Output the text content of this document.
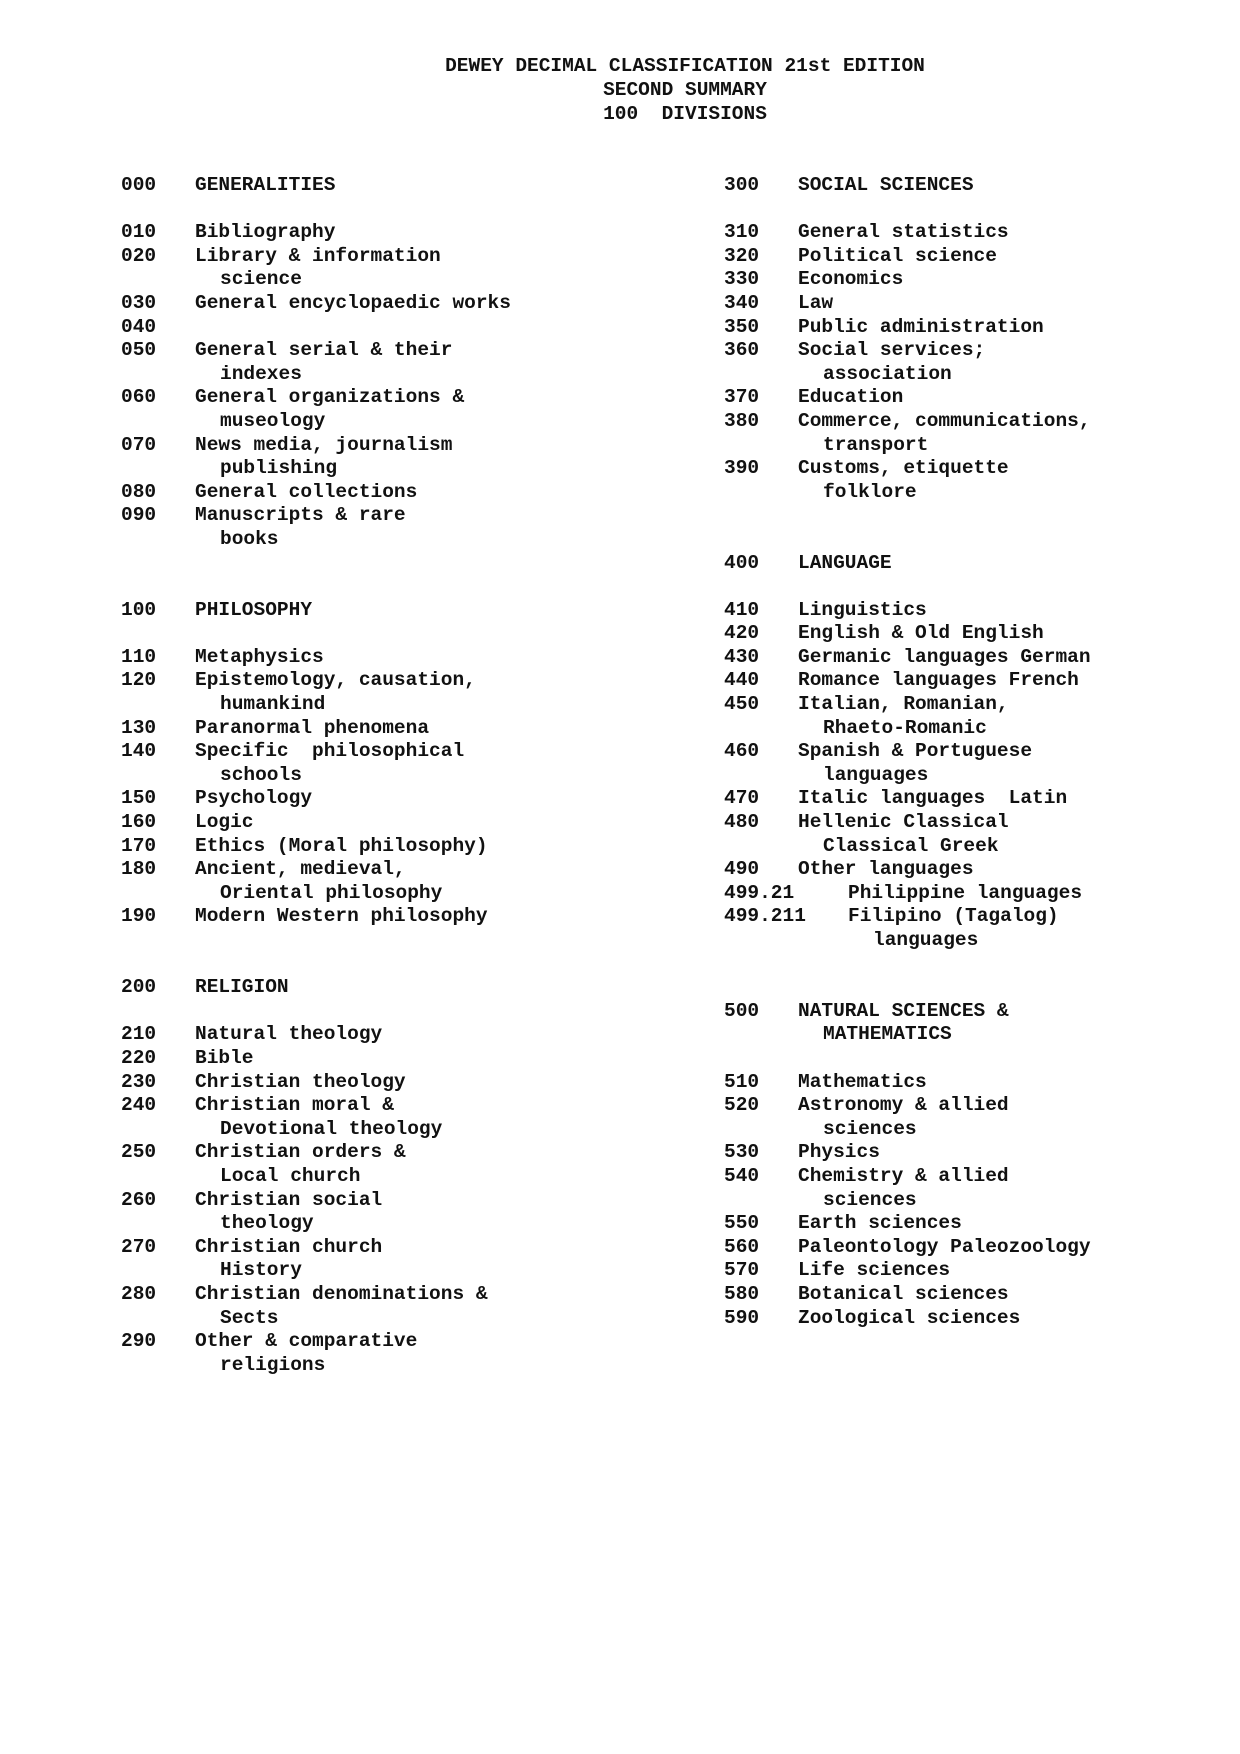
DEWEY DECIMAL CLASSIFICATION 21st EDITION
SECOND SUMMARY
100  DIVISIONS
000 GENERALITIES
010 Bibliography
020 Library & information
science
030 General encyclopaedic works
040
050 General serial & their
indexes
060 General organizations &
museology
070 News media, journalism
publishing
080 General collections
090 Manuscripts & rare
books
100 PHILOSOPHY
110 Metaphysics
120 Epistemology, causation,
humankind
130 Paranormal phenomena
140 Specific  philosophical
schools
150 Psychology
160 Logic
170 Ethics (Moral philosophy)
180 Ancient, medieval,
Oriental philosophy
190 Modern Western philosophy
200 RELIGION
210 Natural theology
220 Bible
230 Christian theology
240 Christian moral &
Devotional theology
250 Christian orders &
Local church
260 Christian social
theology
270 Christian church
History
280 Christian denominations &
Sects
290 Other & comparative
religions
300 SOCIAL SCIENCES
310 General statistics
320 Political science
330 Economics
340 Law
350 Public administration
360 Social services;
association
370 Education
380 Commerce, communications,
transport
390 Customs, etiquette
folklore
400 LANGUAGE
410 Linguistics
420 English & Old English
430 Germanic languages German
440 Romance languages French
450 Italian, Romanian,
Rhaeto-Romanic
460 Spanish & Portuguese
languages
470 Italic languages  Latin
480 Hellenic Classical
Classical Greek
490 Other languages
499.21	Philippine languages
499.211 Filipino (Tagalog)
languages
500 NATURAL SCIENCES &
MATHEMATICS
510 Mathematics
520 Astronomy & allied
sciences
530 Physics
540 Chemistry & allied
sciences
550 Earth sciences
560 Paleontology Paleozoology
570 Life sciences
580 Botanical sciences
590 Zoological sciences
